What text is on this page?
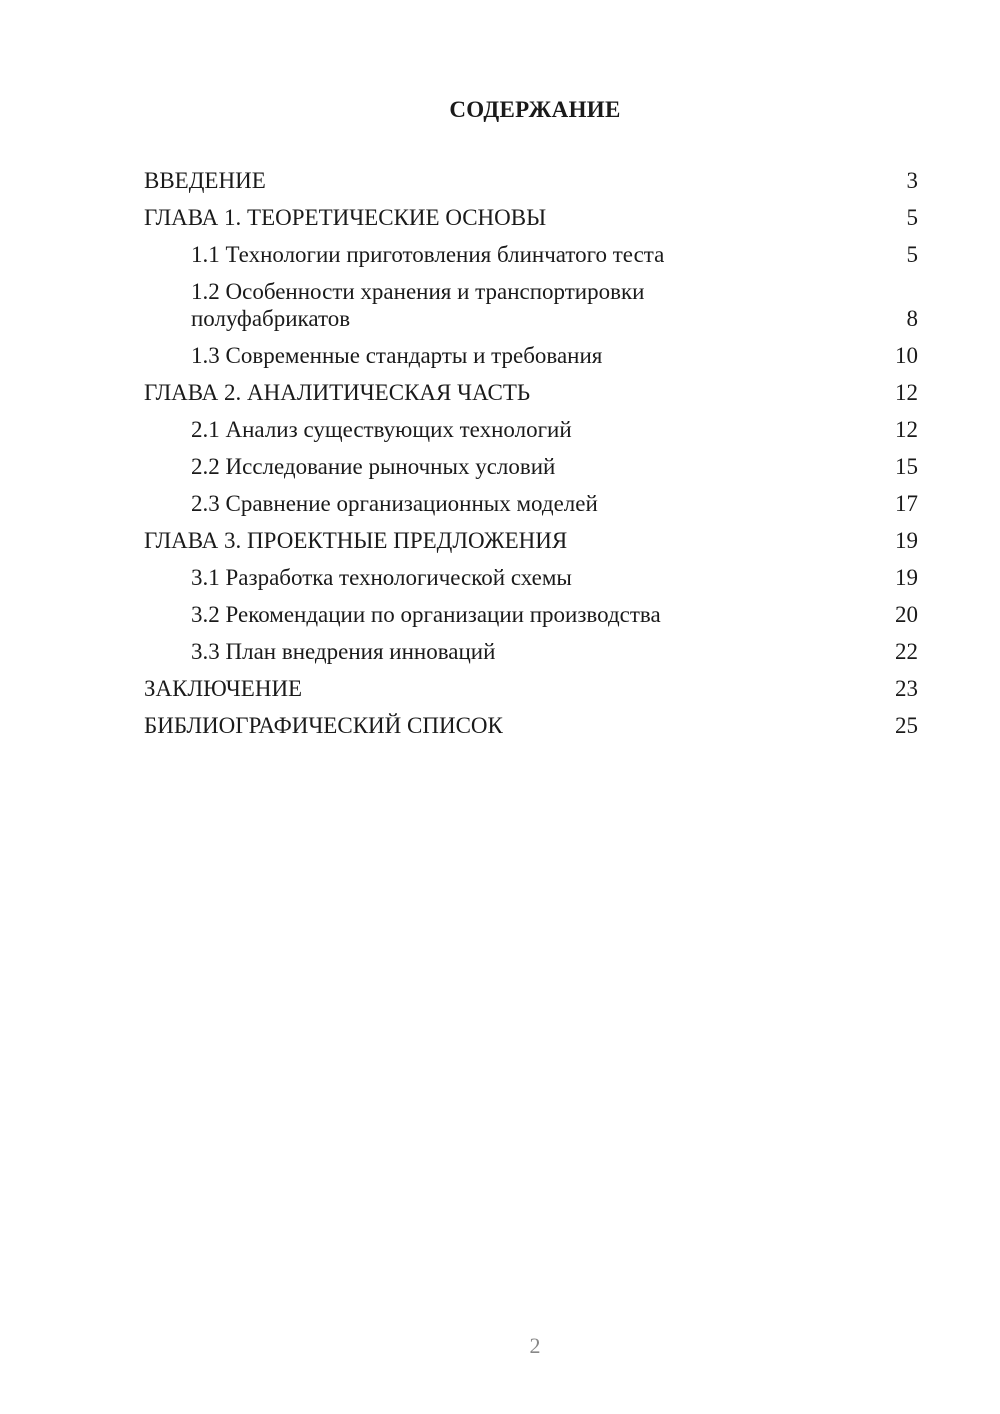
СОДЕРЖАНИЕ
ВВЕДЕНИЕ	3
ГЛАВА 1. ТЕОРЕТИЧЕСКИЕ ОСНОВЫ	5
1.1 Технологии приготовления блинчатого теста	5
1.2 Особенности хранения и транспортировки полуфабрикатов	8
1.3 Современные стандарты и требования	10
ГЛАВА 2. АНАЛИТИЧЕСКАЯ ЧАСТЬ	12
2.1 Анализ существующих технологий	12
2.2 Исследование рыночных условий	15
2.3 Сравнение организационных моделей	17
ГЛАВА 3. ПРОЕКТНЫЕ ПРЕДЛОЖЕНИЯ	19
3.1 Разработка технологической схемы	19
3.2 Рекомендации по организации производства	20
3.3 План внедрения инноваций	22
ЗАКЛЮЧЕНИЕ	23
БИБЛИОГРАФИЧЕСКИЙ СПИСОК	25
2
